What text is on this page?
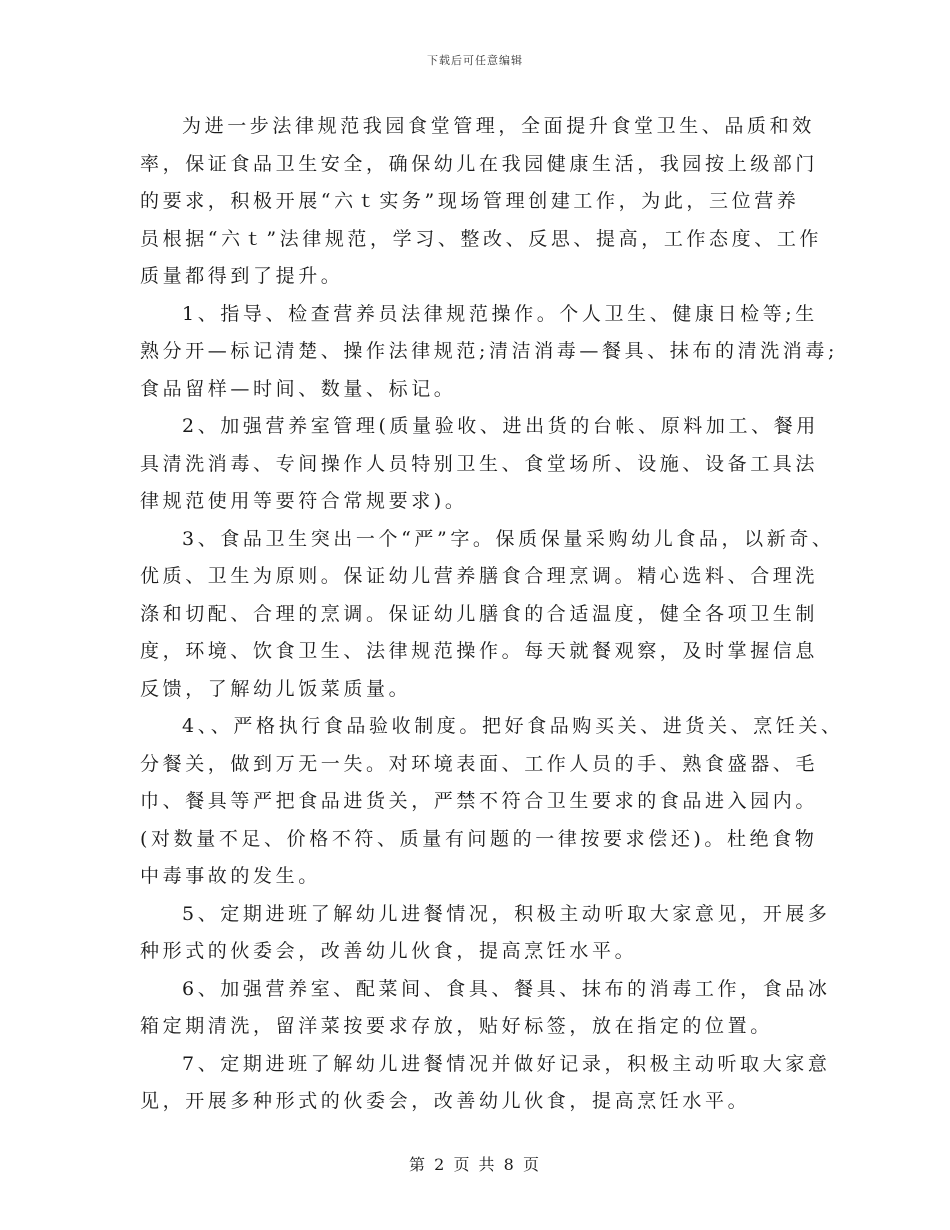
下载后可任意编辑

为进一步法律规范我园食堂管理，全面提升食堂卫生、品质和效
率，保证食品卫生安全，确保幼儿在我园健康生活，我园按上级部门
的要求，积极开展“六ｔ实务”现场管理创建工作，为此，三位营养
员根据“六ｔ”法律规范，学习、整改、反思、提高，工作态度、工作
质量都得到了提升。

1、指导、检查营养员法律规范操作。个人卫生、健康日检等;生
熟分开—标记清楚、操作法律规范;清洁消毒—餐具、抹布的清洗消毒;
食品留样—时间、数量、标记。

2、加强营养室管理(质量验收、进出货的台帐、原料加工、餐用
具清洗消毒、专间操作人员特别卫生、食堂场所、设施、设备工具法
律规范使用等要符合常规要求)。

3、食品卫生突出一个“严”字。保质保量采购幼儿食品，以新奇、
优质、卫生为原则。保证幼儿营养膳食合理烹调。精心选料、合理洗
涤和切配、合理的烹调。保证幼儿膳食的合适温度，健全各项卫生制
度，环境、饮食卫生、法律规范操作。每天就餐观察，及时掌握信息
反馈，了解幼儿饭菜质量。

4、、严格执行食品验收制度。把好食品购买关、进货关、烹饪关、
分餐关，做到万无一失。对环境表面、工作人员的手、熟食盛器、毛
巾、餐具等严把食品进货关，严禁不符合卫生要求的食品进入园内。
(对数量不足、价格不符、质量有问题的一律按要求偿还)。杜绝食物
中毒事故的发生。

5、定期进班了解幼儿进餐情况，积极主动听取大家意见，开展多
种形式的伙委会，改善幼儿伙食，提高烹饪水平。

6、加强营养室、配菜间、食具、餐具、抹布的消毒工作，食品冰
箱定期清洗，留洋菜按要求存放，贴好标签，放在指定的位置。

7、定期进班了解幼儿进餐情况并做好记录，积极主动听取大家意
见，开展多种形式的伙委会，改善幼儿伙食，提高烹饪水平。

第 2 页 共 8 页
